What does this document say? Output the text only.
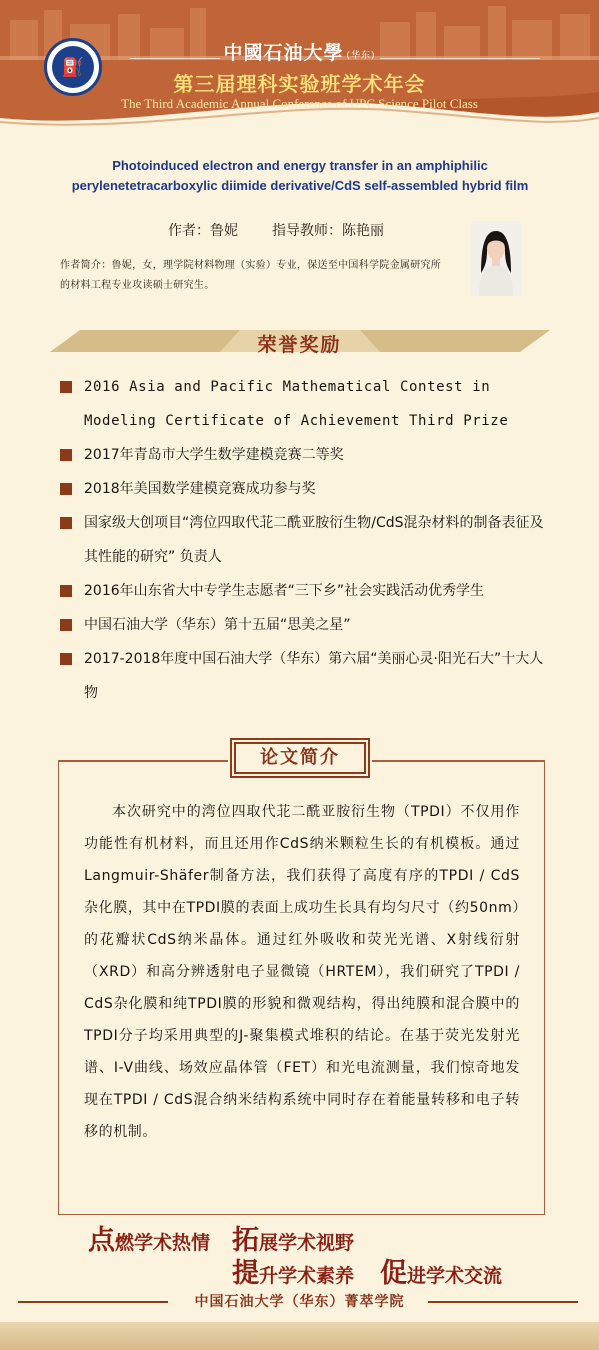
⛽
中國石油大學 (华东)
第三届理科实验班学术年会
The Third Academic Annual Conference of UPC Science Pilot Class
Photoinduced electron and energy transfer in an amphiphilic perylenetetracarboxylic diimide derivative/CdS self-assembled hybrid film
作者：鲁妮 指导教师：陈艳丽
作者简介：鲁妮，女，理学院材料物理（实验）专业，保送至中国科学院金属研究所的材料工程专业攻读硕士研究生。
荣誉奖励
2016 Asia and Pacific Mathematical Contest in Modeling Certificate of Achievement Third Prize
2017年青岛市大学生数学建模竞赛二等奖
2018年美国数学建模竞赛成功参与奖
国家级大创项目“湾位四取代苝二酰亚胺衍生物/CdS混杂材料的制备表征及其性能的研究” 负责人
2016年山东省大中专学生志愿者“三下乡”社会实践活动优秀学生
中国石油大学（华东）第十五届“思美之星”
2017-2018年度中国石油大学（华东）第六届“美丽心灵·阳光石大”十大人物
论文简介
本次研究中的湾位四取代苝二酰亚胺衍生物（TPDI）不仅用作功能性有机材料，而且还用作CdS纳米颗粒生长的有机模板。通过Langmuir-Shäfer制备方法，我们获得了高度有序的TPDI / CdS杂化膜，其中在TPDI膜的表面上成功生长具有均匀尺寸（约50nm）的花瓣状CdS纳米晶体。通过红外吸收和荧光光谱、X射线衍射（XRD）和高分辨透射电子显微镜（HRTEM），我们研究了TPDI / CdS杂化膜和纯TPDI膜的形貌和微观结构，得出纯膜和混合膜中的TPDI分子均采用典型的J-聚集模式堆积的结论。在基于荧光发射光谱、I-V曲线、场效应晶体管（FET）和光电流测量，我们惊奇地发现在TPDI / CdS混合纳米结构系统中同时存在着能量转移和电子转移的机制。
点燃学术热情 拓展学术视野
提升学术素养 促进学术交流
中国石油大学（华东）菁萃学院
